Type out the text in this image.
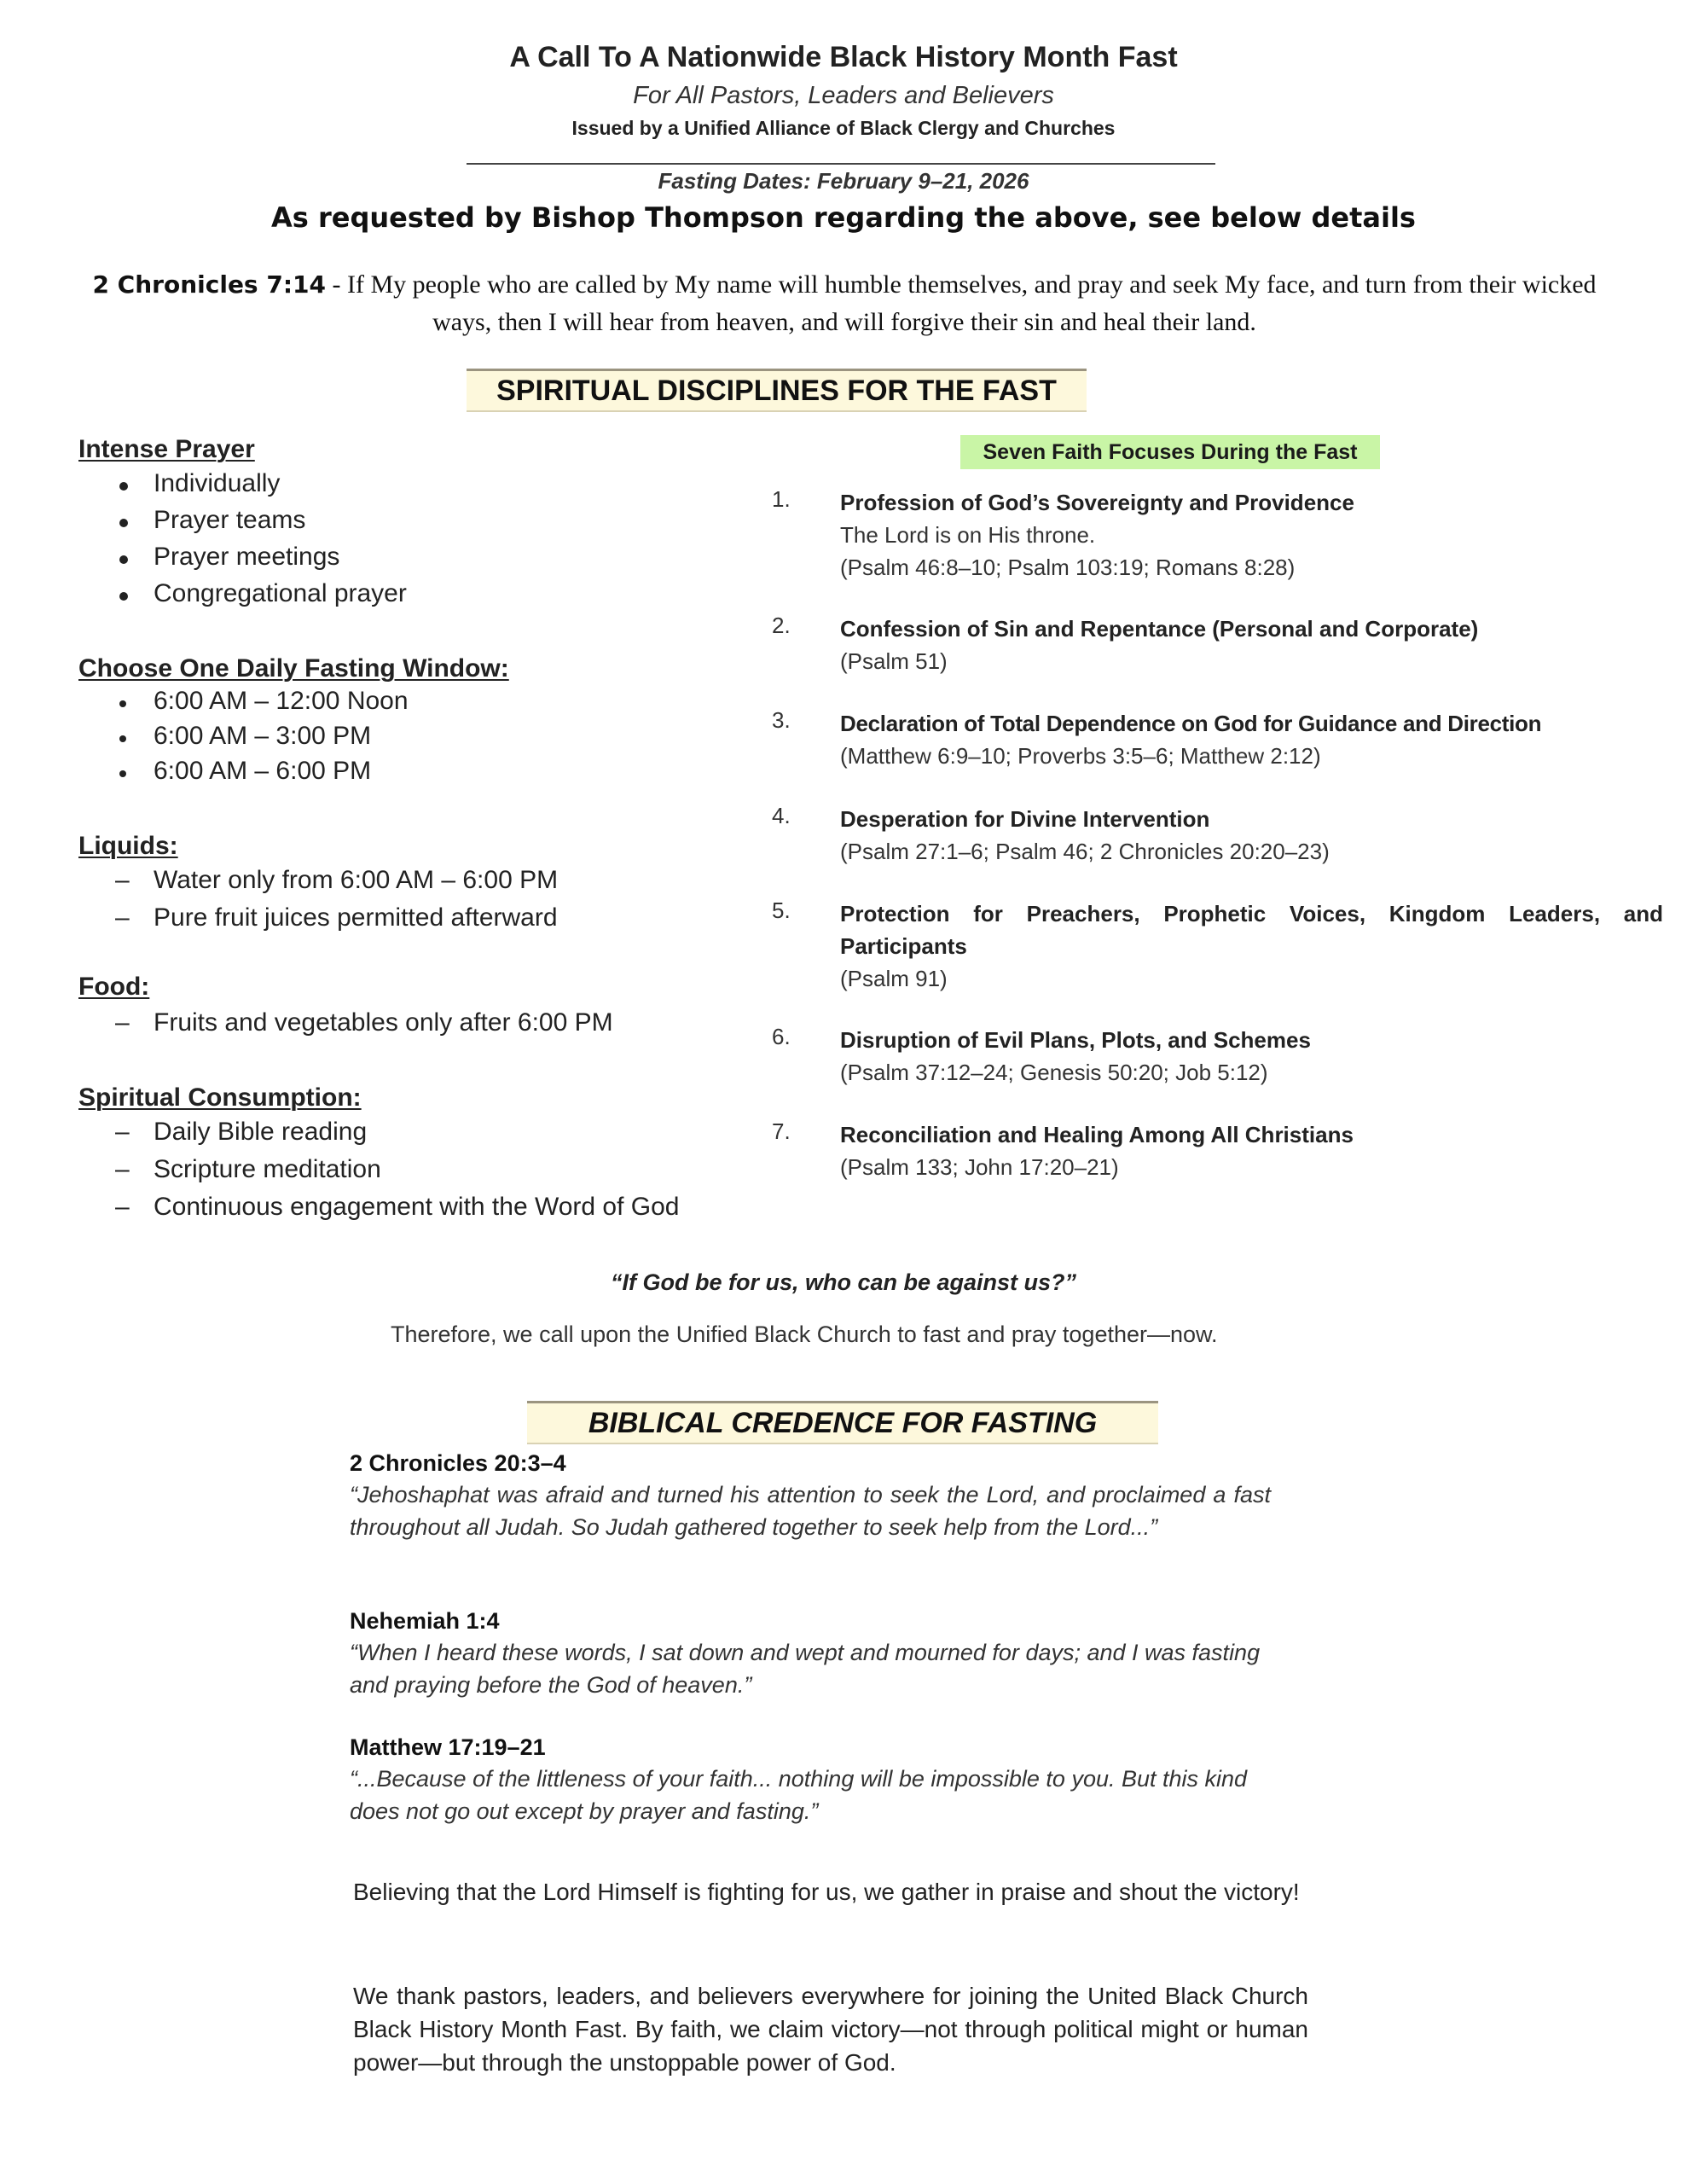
A Call To A Nationwide Black History Month Fast
For All Pastors, Leaders and Believers
Issued by a Unified Alliance of Black Clergy and Churches
Fasting Dates: February 9–21, 2026
As requested by Bishop Thompson regarding the above, see below details
2 Chronicles 7:14 - If My people who are called by My name will humble themselves, and pray and seek My face, and turn from their wicked ways, then I will hear from heaven, and will forgive their sin and heal their land.
SPIRITUAL DISCIPLINES FOR THE FAST
Intense Prayer
Individually
Prayer teams
Prayer meetings
Congregational prayer
Choose One Daily Fasting Window:
6:00 AM – 12:00 Noon
6:00 AM – 3:00 PM
6:00 AM – 6:00 PM
Liquids:
– Water only from 6:00 AM – 6:00 PM
– Pure fruit juices permitted afterward
Food:
– Fruits and vegetables only after 6:00 PM
Spiritual Consumption:
– Daily Bible reading
– Scripture meditation
– Continuous engagement with the Word of God
Seven Faith Focuses During the Fast
1. Profession of God’s Sovereignty and Providence
The Lord is on His throne.
(Psalm 46:8–10; Psalm 103:19; Romans 8:28)
2. Confession of Sin and Repentance (Personal and Corporate)
(Psalm 51)
3. Declaration of Total Dependence on God for Guidance and Direction
(Matthew 6:9–10; Proverbs 3:5–6; Matthew 2:12)
4. Desperation for Divine Intervention
(Psalm 27:1–6; Psalm 46; 2 Chronicles 20:20–23)
5. Protection for Preachers, Prophetic Voices, Kingdom Leaders, and Participants
(Psalm 91)
6. Disruption of Evil Plans, Plots, and Schemes
(Psalm 37:12–24; Genesis 50:20; Job 5:12)
7. Reconciliation and Healing Among All Christians
(Psalm 133; John 17:20–21)
“If God be for us, who can be against us?”
Therefore, we call upon the Unified Black Church to fast and pray together—now.
BIBLICAL CREDENCE FOR FASTING
2 Chronicles 20:3–4
“Jehoshaphat was afraid and turned his attention to seek the Lord, and proclaimed a fast throughout all Judah. So Judah gathered together to seek help from the Lord...”
Nehemiah 1:4
“When I heard these words, I sat down and wept and mourned for days; and I was fasting and praying before the God of heaven.”
Matthew 17:19–21
“...Because of the littleness of your faith... nothing will be impossible to you. But this kind does not go out except by prayer and fasting.”
Believing that the Lord Himself is fighting for us, we gather in praise and shout the victory!
We thank pastors, leaders, and believers everywhere for joining the United Black Church Black History Month Fast. By faith, we claim victory—not through political might or human power—but through the unstoppable power of God.
